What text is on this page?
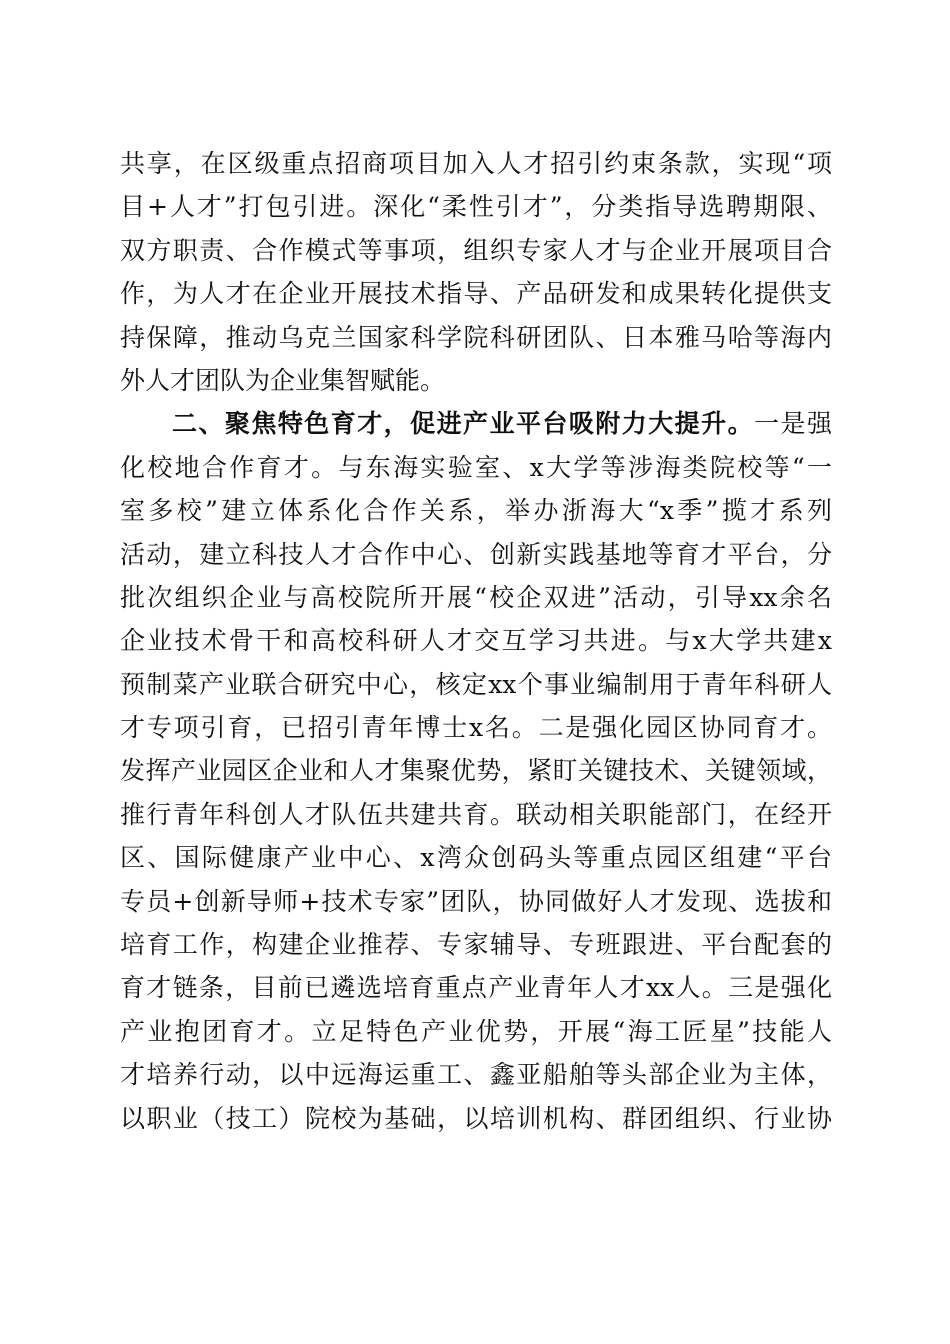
共享，在区级重点招商项目加入人才招引约束条款，实现“项
目+人才”打包引进。深化“柔性引才”，分类指导选聘期限、
双方职责、合作模式等事项，组织专家人才与企业开展项目合
作，为人才在企业开展技术指导、产品研发和成果转化提供支
持保障，推动乌克兰国家科学院科研团队、日本雅马哈等海内
外人才团队为企业集智赋能。
二、聚焦特色育才，促进产业平台吸附力大提升。一是强
化校地合作育才。与东海实验室、x大学等涉海类院校等“一
室多校”建立体系化合作关系，举办浙海大“x季”揽才系列
活动，建立科技人才合作中心、创新实践基地等育才平台，分
批次组织企业与高校院所开展“校企双进”活动，引导xx余名
企业技术骨干和高校科研人才交互学习共进。与x大学共建x
预制菜产业联合研究中心，核定xx个事业编制用于青年科研人
才专项引育，已招引青年博士x名。二是强化园区协同育才。
发挥产业园区企业和人才集聚优势，紧盯关键技术、关键领域，
推行青年科创人才队伍共建共育。联动相关职能部门，在经开
区、国际健康产业中心、x湾众创码头等重点园区组建“平台
专员+创新导师+技术专家”团队，协同做好人才发现、选拔和
培育工作，构建企业推荐、专家辅导、专班跟进、平台配套的
育才链条，目前已遴选培育重点产业青年人才xx人。三是强化
产业抱团育才。立足特色产业优势，开展“海工匠星”技能人
才培养行动，以中远海运重工、鑫亚船舶等头部企业为主体，
以职业（技工）院校为基础，以培训机构、群团组织、行业协
